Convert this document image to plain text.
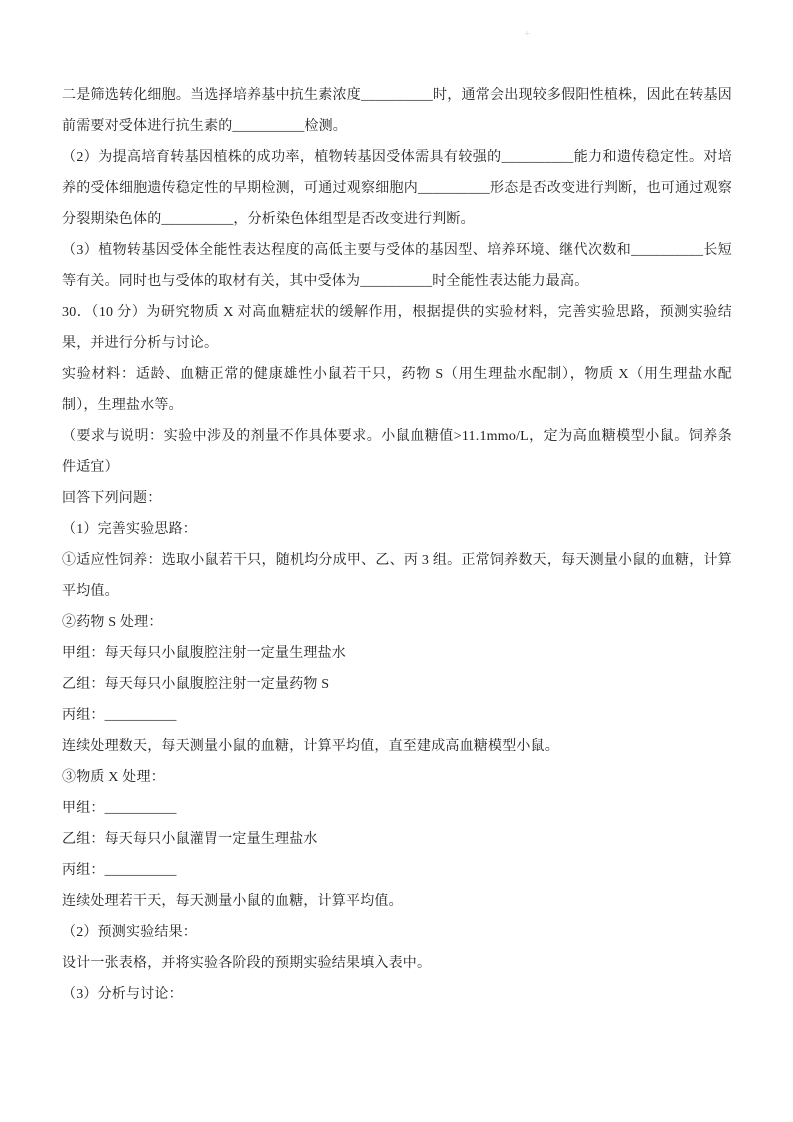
+

二是筛选转化细胞。当选择培养基中抗生素浓度__________时，通常会出现较多假阳性植株，因此在转基因前需要对受体进行抗生素的__________检测。

（2）为提高培育转基因植株的成功率，植物转基因受体需具有较强的__________能力和遗传稳定性。对培养的受体细胞遗传稳定性的早期检测，可通过观察细胞内__________形态是否改变进行判断，也可通过观察分裂期染色体的__________，分析染色体组型是否改变进行判断。

（3）植物转基因受体全能性表达程度的高低主要与受体的基因型、培养环境、继代次数和__________长短等有关。同时也与受体的取材有关，其中受体为__________时全能性表达能力最高。

30．（10 分）为研究物质 X 对高血糖症状的缓解作用，根据提供的实验材料，完善实验思路，预测实验结果，并进行分析与讨论。

实验材料：适龄、血糖正常的健康雄性小鼠若干只，药物 S（用生理盐水配制），物质 X（用生理盐水配制），生理盐水等。

（要求与说明：实验中涉及的剂量不作具体要求。小鼠血糖值>11.1mmo/L，定为高血糖模型小鼠。饲养条件适宜）

回答下列问题：

（1）完善实验思路：

①适应性饲养：选取小鼠若干只，随机均分成甲、乙、丙 3 组。正常饲养数天，每天测量小鼠的血糖，计算平均值。

②药物 S 处理：

甲组：每天每只小鼠腹腔注射一定量生理盐水

乙组：每天每只小鼠腹腔注射一定量药物 S

丙组：__________

连续处理数天，每天测量小鼠的血糖，计算平均值，直至建成高血糖模型小鼠。

③物质 X 处理：

甲组：__________

乙组：每天每只小鼠灌胃一定量生理盐水

丙组：__________

连续处理若干天，每天测量小鼠的血糖，计算平均值。

（2）预测实验结果：

设计一张表格，并将实验各阶段的预期实验结果填入表中。

（3）分析与讨论：
